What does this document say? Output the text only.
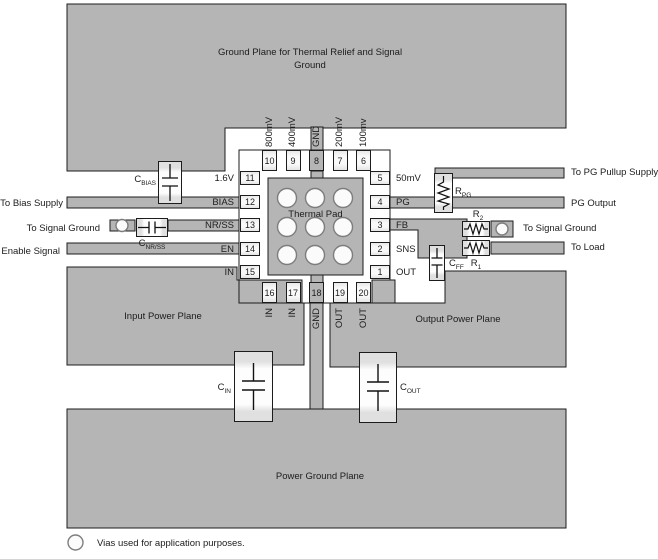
Ground Plane for Thermal Relief and Signal
Ground
Input Power Plane	Output Power Plane
Power Ground Plane
Thermal Pad
10 9 8 7 6
16 17 18 19 20
11
12
13
14
15
5
4
3
2
1
800mV 400mV GND 200mV 100mv
IN IN GND OUT OUT
1.6V
BIAS
NR/SS
EN
IN
50mV
PG
FB
SNS
OUT
To Bias Supply
To Signal Ground
Enable Signal
To PG Pullup Supply
PG Output
To Signal Ground
To Load
$C_{BIAS}$
$C_{NR/SS}$
$R_{PG}$
$R_2$
$R_1$
$C_{FF}$
$C_{IN}$	$C_{OUT}$
Vias used for application purposes.
